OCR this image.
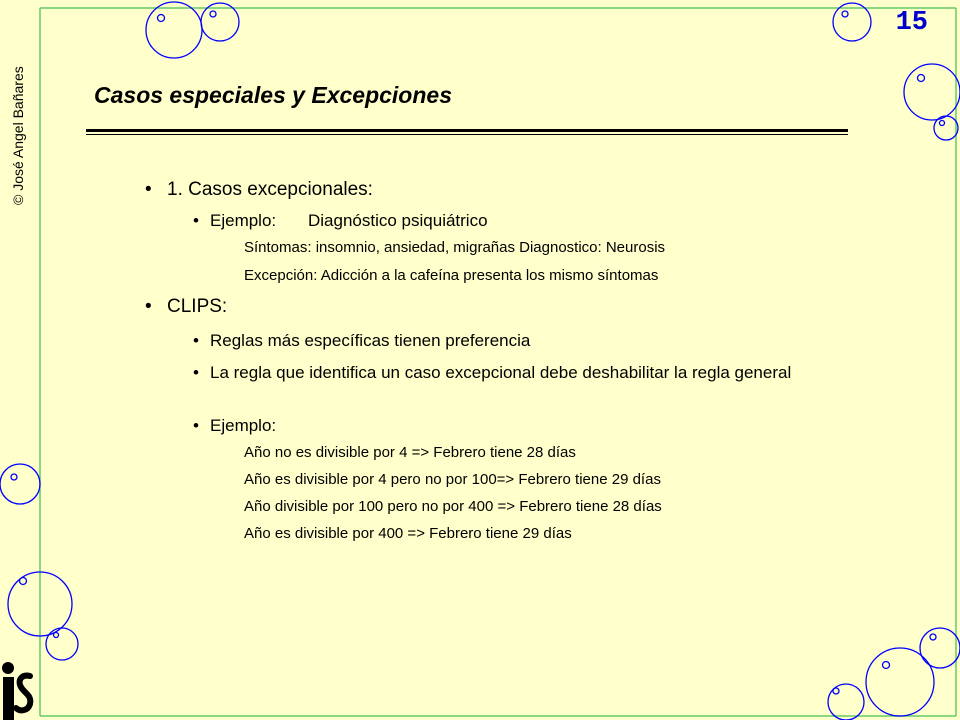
© José Angel Bañares
15
Casos especiales y Excepciones
• 1. Casos excepcionales:
• Ejemplo: Diagnóstico psiquiátrico
Síntomas: insomnio, ansiedad, migrañas Diagnostico: Neurosis
Excepción: Adicción a la cafeína presenta los mismo síntomas
• CLIPS:
• Reglas más específicas tienen preferencia
• La regla que identifica un caso excepcional debe deshabilitar la regla general
• Ejemplo:
Año no es divisible por 4 => Febrero tiene 28 días
Año es divisible por 4 pero no por 100=> Febrero tiene 29 días
Año divisible por 100 pero no por 400 => Febrero tiene 28 días
Año es divisible por 400 => Febrero tiene 29 días
